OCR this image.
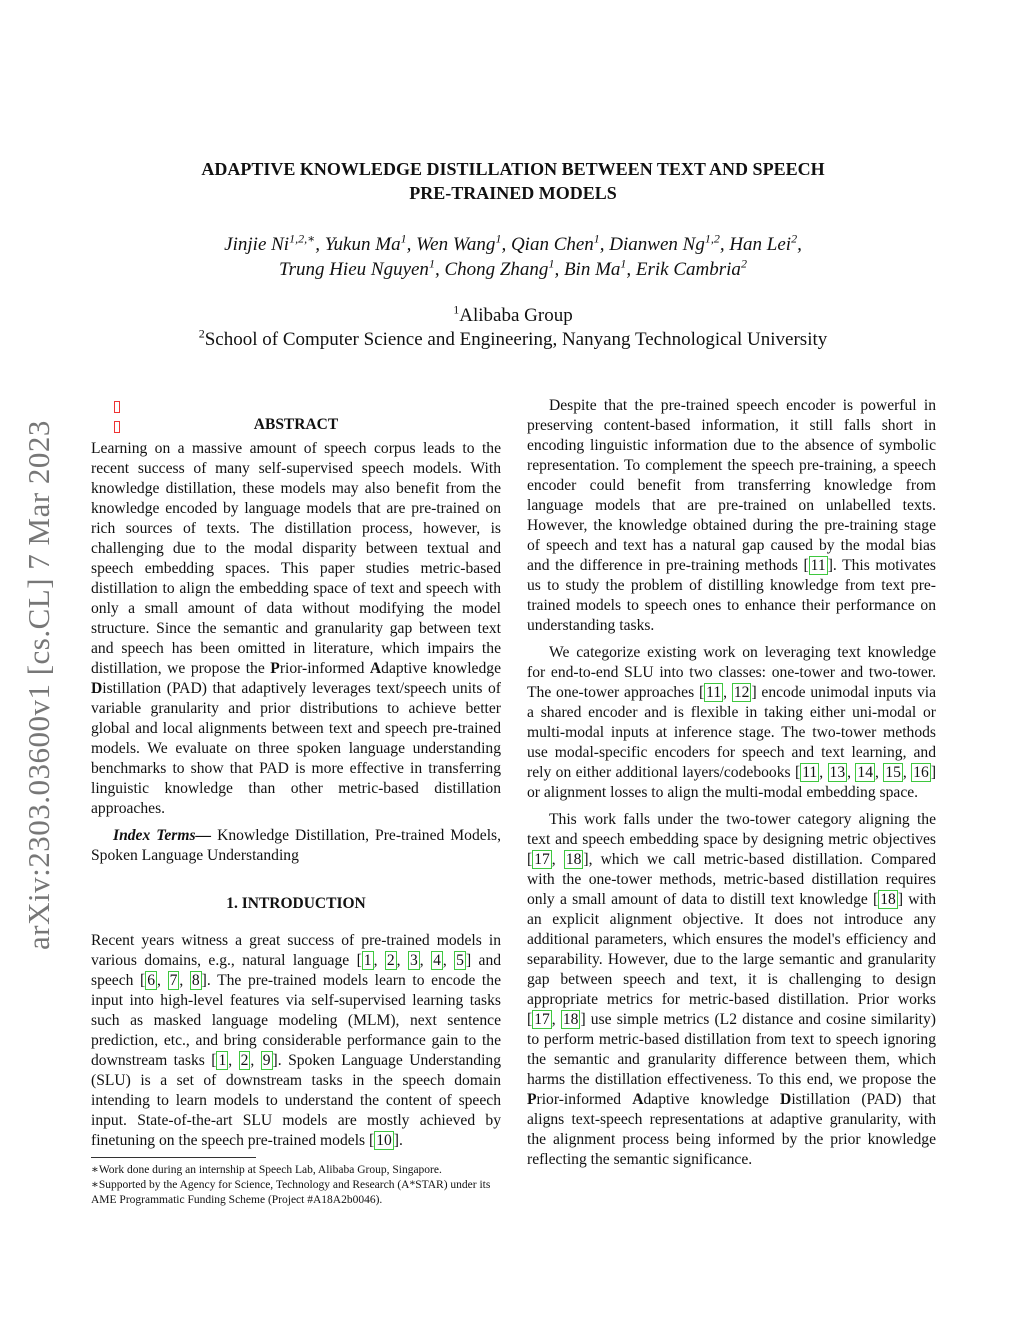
arXiv:2303.03600v1 [cs.CL] 7 Mar 2023
ADAPTIVE KNOWLEDGE DISTILLATION BETWEEN TEXT AND SPEECH
PRE-TRAINED MODELS
Jinjie $Ni^{1,2,∗}$, Yukun Ma$^1$, Wen Wang$^1$, Qian Chen$^1$, Dianwen Ng$^{1,2}$, Han Lei$^2$,
Trung Hieu Nguyen$^1$, Chong Zhang$^1$, Bin Ma$^1$, Erik Cambria$^2$
$^1$Alibaba Group
$^2$School of Computer Science and Engineering, Nanyang Technological University
ABSTRACT

Learning on a massive amount of speech corpus leads to the recent success of many self-supervised speech models. With knowledge distillation, these models may also benefit from the knowledge encoded by language models that are pre-trained on rich sources of texts. The distillation process, however, is challenging due to the modal disparity between textual and speech embedding spaces. This paper studies metric-based distillation to align the embedding space of text and speech with only a small amount of data without modifying the model structure. Since the semantic and granularity gap between text and speech has been omitted in literature, which impairs the distillation, we propose the Prior-informed Adaptive knowledge Distillation (PAD) that adaptively leverages text/speech units of variable granularity and prior distributions to achieve better global and local alignments between text and speech pre-trained models. We evaluate on three spoken language understanding benchmarks to show that PAD is more effective in transferring linguistic knowledge than other metric-based distillation approaches.

Index Terms— Knowledge Distillation, Pre-trained Models, Spoken Language Understanding

1. INTRODUCTION

Recent years witness a great success of pre-trained models in various domains, e.g., natural language [ 1 , 2 , 3 , 4 , 5 ] and speech [ 6 , 7 , 8 ]. The pre-trained models learn to encode the input into high-level features via self-supervised learning tasks such as masked language modeling (MLM), next sentence prediction, etc., and bring considerable performance gain to the downstream tasks [ 1 , 2 , 9 ]. Spoken Language Understanding (SLU) is a set of downstream tasks in the speech domain intending to learn models to understand the content of speech input. State-of-the-art SLU models are mostly achieved by finetuning on the speech pre-trained models [ 10 ].

∗Work done during an internship at Speech Lab, Alibaba Group, Singapore.
∗Supported by the Agency for Science, Technology and Research (A*STAR) under its AME Programmatic Funding Scheme (Project #A18A2b0046).

Despite that the pre-trained speech encoder is powerful in preserving content-based information, it still falls short in encoding linguistic information due to the absence of symbolic representation. To complement the speech pre-training, a speech encoder could benefit from transferring knowledge from language models that are pre-trained on unlabelled texts. However, the knowledge obtained during the pre-training stage of speech and text has a natural gap caused by the modal bias and the difference in pre-training methods [ 11 ]. This motivates us to study the problem of distilling knowledge from text pre-trained models to speech ones to enhance their performance on understanding tasks.

We categorize existing work on leveraging text knowledge for end-to-end SLU into two classes: one-tower and two-tower. The one-tower approaches [ 11 , 12 ] encode unimodal inputs via a shared encoder and is flexible in taking either uni-modal or multi-modal inputs at inference stage. The two-tower methods use modal-specific encoders for speech and text learning, and rely on either additional layers/codebooks [ 11 , 13 , 14 , 15 , 16 ] or alignment losses to align the multi-modal embedding space.

This work falls under the two-tower category aligning the text and speech embedding space by designing metric objectives [ 17 , 18 ], which we call metric-based distillation. Compared with the one-tower methods, metric-based distillation requires only a small amount of data to distill text knowledge [ 18 ] with an explicit alignment objective. It does not introduce any additional parameters, which ensures the model's efficiency and separability. However, due to the large semantic and granularity gap between speech and text, it is challenging to design appropriate metrics for metric-based distillation. Prior works [ 17 , 18 ] use simple metrics (L2 distance and cosine similarity) to perform metric-based distillation from text to speech ignoring the semantic and granularity difference between them, which harms the distillation effectiveness. To this end, we propose the Prior-informed Adaptive knowledge Distillation (PAD) that aligns text-speech representations at adaptive granularity, with the alignment process being informed by the prior knowledge reflecting the semantic significance.
